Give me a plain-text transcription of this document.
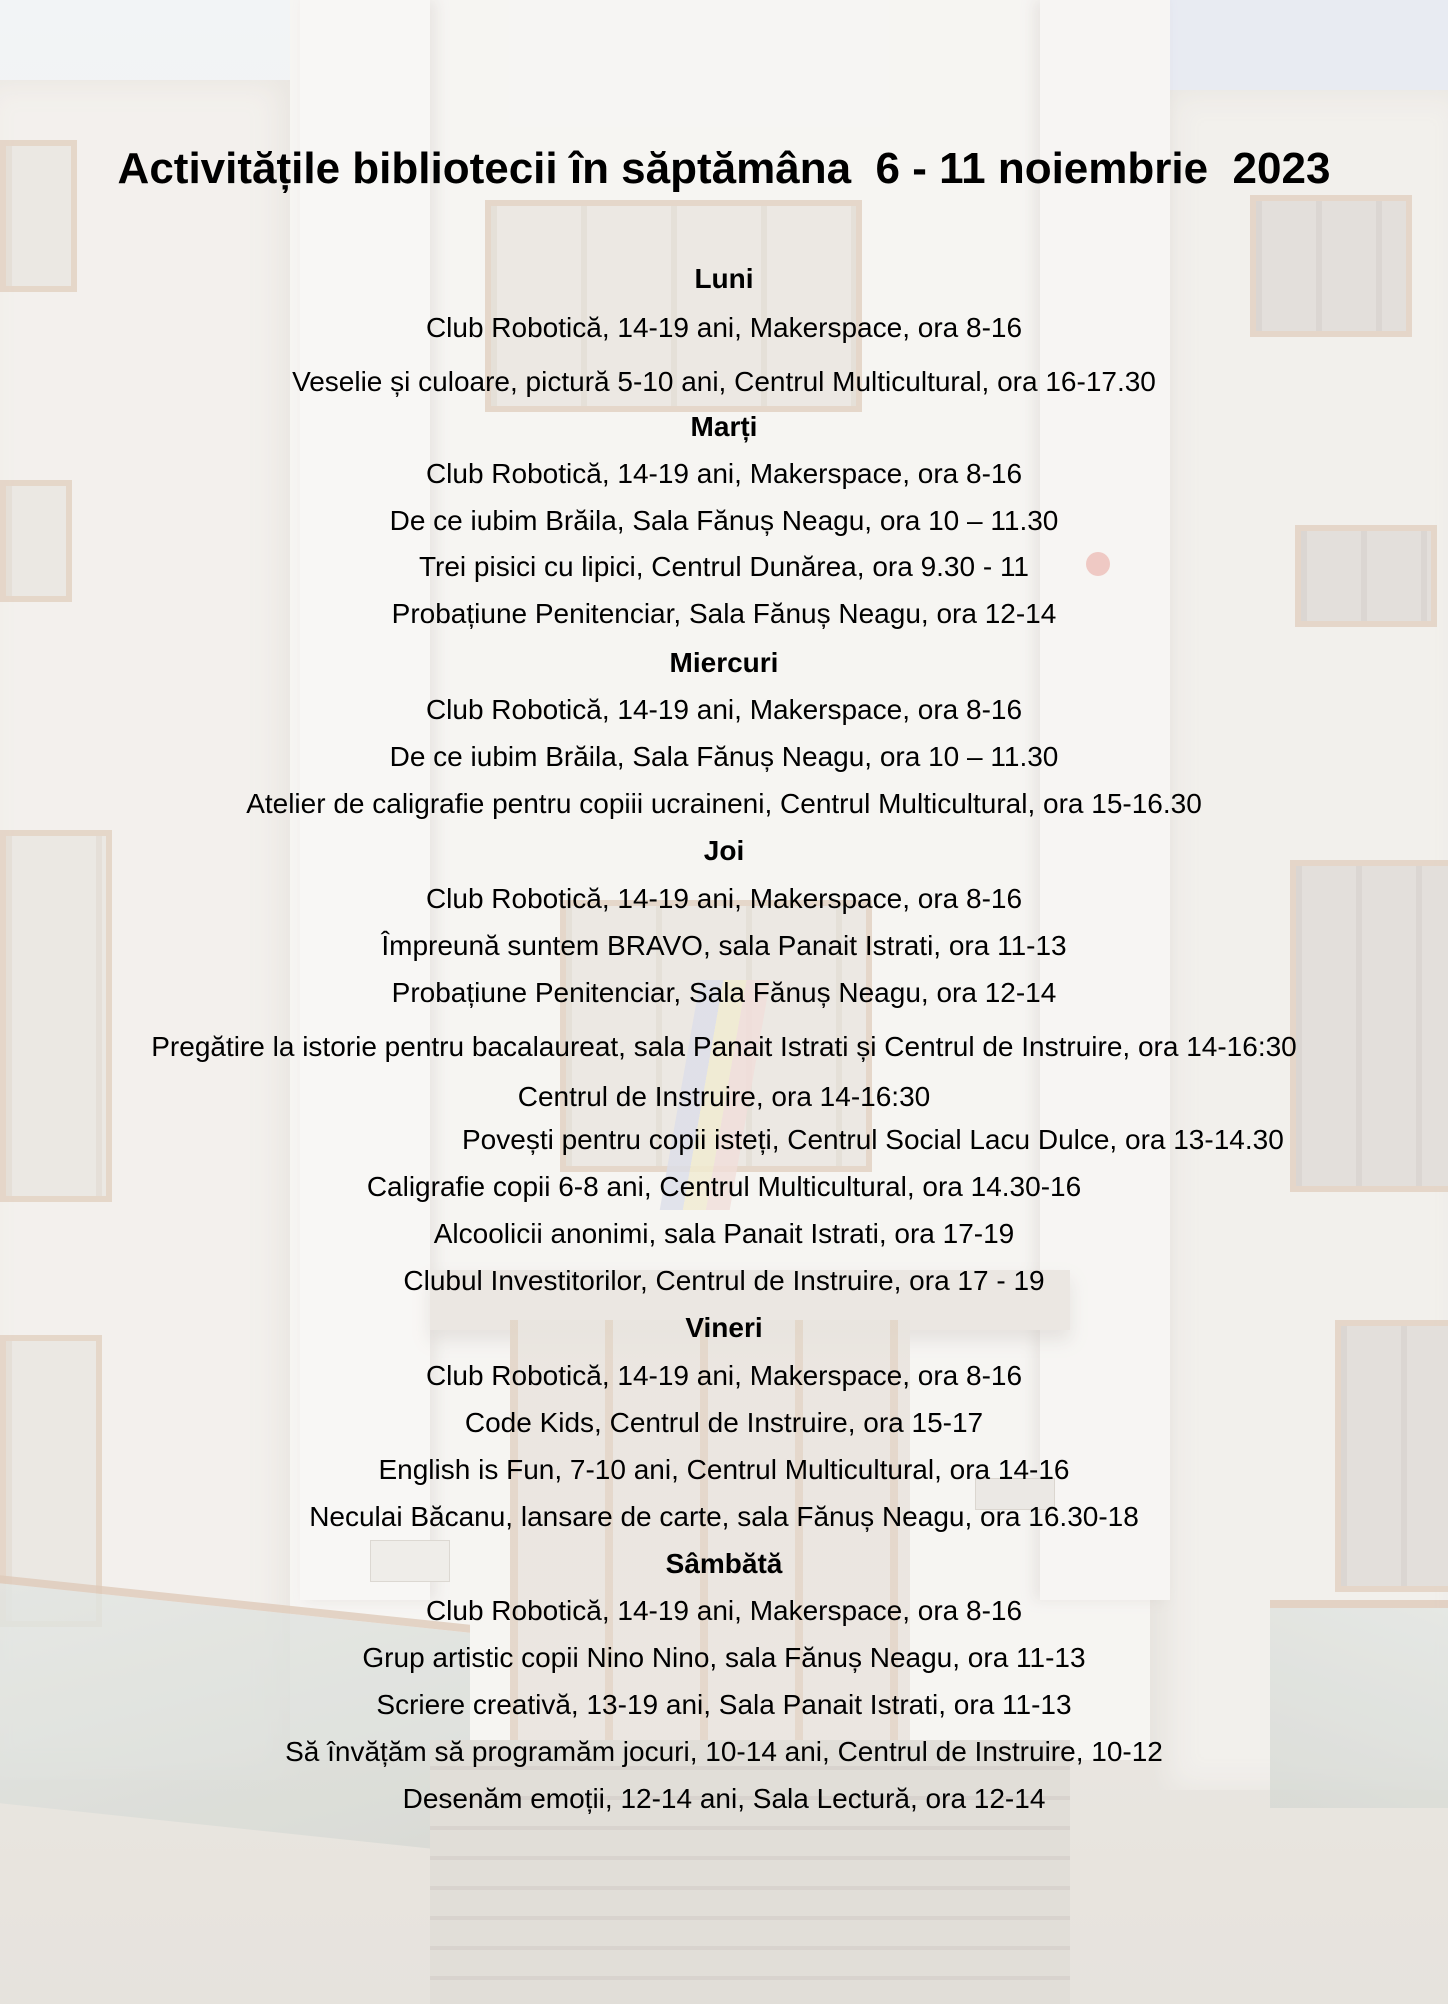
Activitățile bibliotecii în săptămâna  6 - 11 noiembrie  2023
Luni
Club Robotică, 14-19 ani, Makerspace, ora 8-16
Veselie și culoare, pictură 5-10 ani, Centrul Multicultural, ora 16-17.30
Marți
Club Robotică, 14-19 ani, Makerspace, ora 8-16
De ce iubim Brăila, Sala Fănuș Neagu, ora 10 – 11.30
Trei pisici cu lipici, Centrul Dunărea, ora 9.30 - 11
Probațiune Penitenciar, Sala Fănuș Neagu, ora 12-14
Miercuri
Club Robotică, 14-19 ani, Makerspace, ora 8-16
De ce iubim Brăila, Sala Fănuș Neagu, ora 10 – 11.30
Atelier de caligrafie pentru copiii ucraineni, Centrul Multicultural, ora 15-16.30
Joi
Club Robotică, 14-19 ani, Makerspace, ora 8-16
Împreună suntem BRAVO, sala Panait Istrati, ora 11-13
Probațiune Penitenciar, Sala Fănuș Neagu, ora 12-14
Pregătire la istorie pentru bacalaureat, sala Panait Istrati și Centrul de Instruire, ora 14-16:30
Centrul de Instruire, ora 14-16:30
Povești pentru copii isteți, Centrul Social Lacu Dulce, ora 13-14.30
Caligrafie copii 6-8 ani, Centrul Multicultural, ora 14.30-16
Alcoolicii anonimi, sala Panait Istrati, ora 17-19
Clubul Investitorilor, Centrul de Instruire, ora 17 - 19
Vineri
Club Robotică, 14-19 ani, Makerspace, ora 8-16
Code Kids, Centrul de Instruire, ora 15-17
English is Fun, 7-10 ani, Centrul Multicultural, ora 14-16
Neculai Băcanu, lansare de carte, sala Fănuș Neagu, ora 16.30-18
Sâmbătă
Club Robotică, 14-19 ani, Makerspace, ora 8-16
Grup artistic copii Nino Nino, sala Fănuș Neagu, ora 11-13
Scriere creativă, 13-19 ani, Sala Panait Istrati, ora 11-13
Să învățăm să programăm jocuri, 10-14 ani, Centrul de Instruire, 10-12
Desenăm emoții, 12-14 ani, Sala Lectură, ora 12-14
